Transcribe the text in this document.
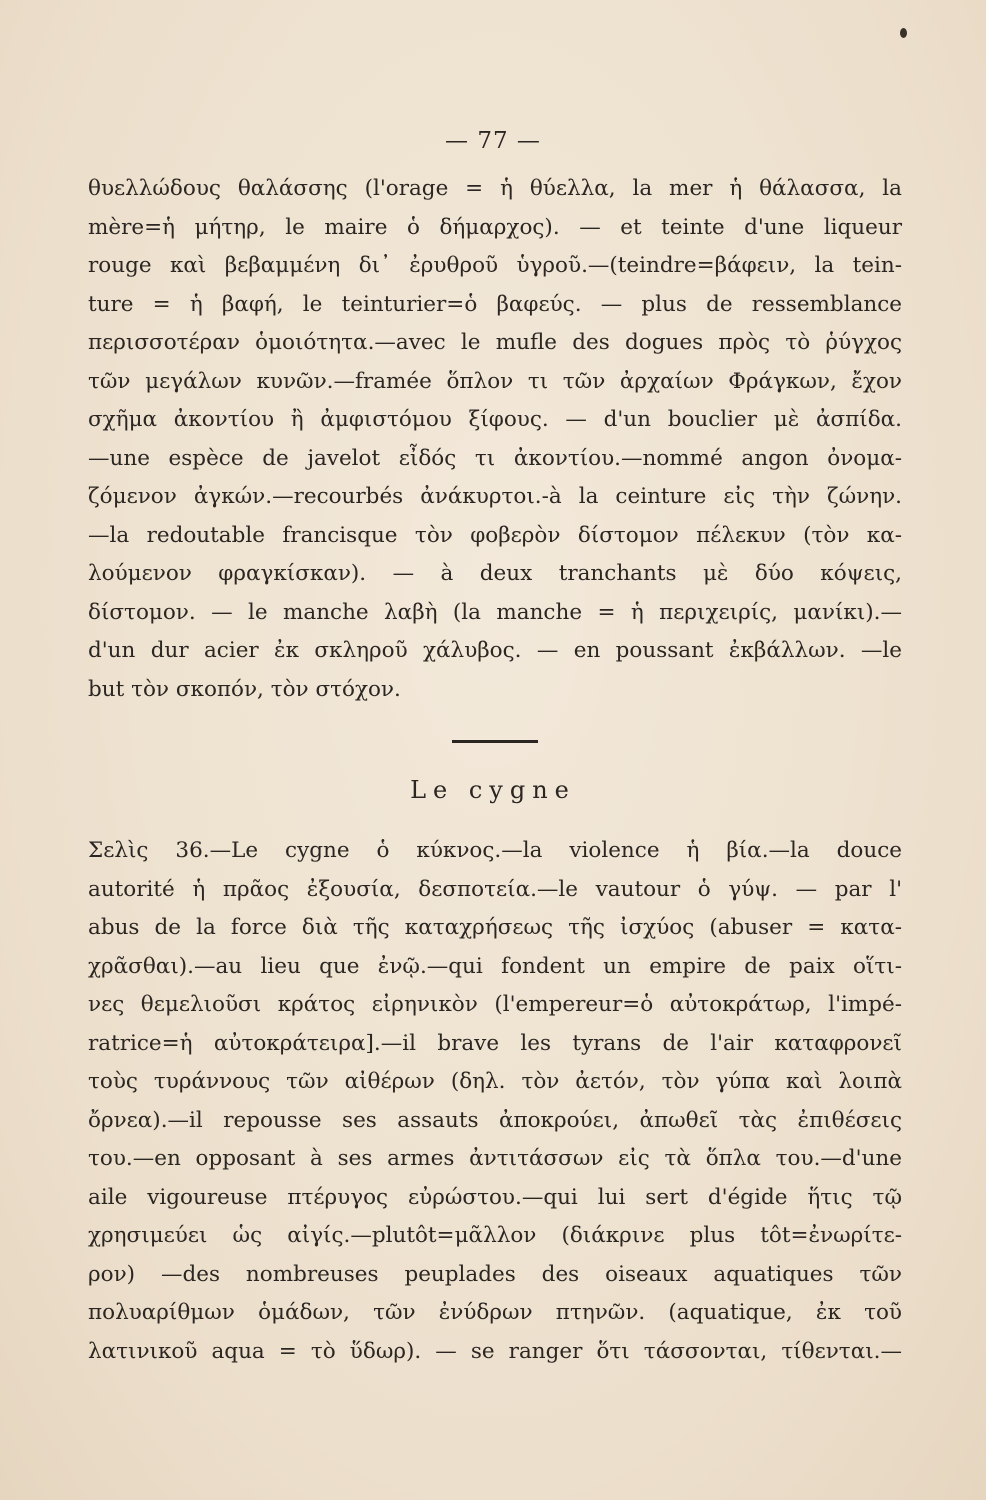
— 77 —
θυελλώδους θαλάσσης (l'orage = ἡ θύελλα, la mer ἡ θάλασσα, la
mère=ἡ μήτηρ, le maire ὁ δήμαρχος). — et teinte d'une liqueur
rouge καὶ βεβαμμένη δι᾽ ἐρυθροῦ ὑγροῦ.—(teindre=βάφειν, la tein-
ture = ἡ βαφή, le teinturier=ὁ βαφεύς. — plus de ressemblance
περισσοτέραν ὁμοιότητα.—avec le mufle des dogues πρὸς τὸ ῥύγχος
τῶν μεγάλων κυνῶν.—framée ὅπλον τι τῶν ἀρχαίων Φράγκων, ἔχον
σχῆμα ἀκοντίου ἢ ἀμφιστόμου ξίφους. — d'un bouclier μὲ ἀσπίδα.
—une espèce de javelot εἶδός τι ἀκοντίου.—nommé angon ὀνομα-
ζόμενον ἀγκών.—recourbés ἀνάκυρτοι.-à la ceinture εἰς τὴν ζώνην.
—la redoutable francisque τὸν φοβερὸν δίστομον πέλεκυν (τὸν κα-
λούμενον φραγκίσκαν). — à deux tranchants μὲ δύο κόψεις,
δίστομον. — le manche λαβὴ (la manche = ἡ περιχειρίς, μανίκι).—
d'un dur acier ἐκ σκληροῦ χάλυβος. — en poussant ἐκβάλλων. —le
but τὸν σκοπόν, τὸν στόχον.
Le cygne
Σελὶς 36.—Le cygne ὁ κύκνος.—la violence ἡ βία.—la douce
autorité ἡ πρᾶος ἐξουσία, δεσποτεία.—le vautour ὁ γύψ. — par l'
abus de la force διὰ τῆς καταχρήσεως τῆς ἰσχύος (abuser = κατα-
χρᾶσθαι).—au lieu que ἐνῷ.—qui fondent un empire de paix οἵτι-
νες θεμελιοῦσι κράτος εἰρηνικὸν (l'empereur=ὁ αὐτοκράτωρ, l'impé-
ratrice=ἡ αὐτοκράτειρα].—il brave les tyrans de l'air καταφρονεῖ
τοὺς τυράννους τῶν αἰθέρων (δηλ. τὸν ἀετόν, τὸν γύπα καὶ λοιπὰ
ὄρνεα).—il repousse ses assauts ἀποκρούει, ἀπωθεῖ τὰς ἐπιθέσεις
του.—en opposant à ses armes ἀντιτάσσων εἰς τὰ ὅπλα του.—d'une
aile vigoureuse πτέρυγος εὐρώστου.—qui lui sert d'égide ἥτις τῷ
χρησιμεύει ὡς αἰγίς.—plutôt=μᾶλλον (διάκρινε plus tôt=ἐνωρίτε-
ρον) —des nombreuses peuplades des oiseaux aquatiques τῶν
πολυαρίθμων ὁμάδων, τῶν ἐνύδρων πτηνῶν. (aquatique, ἐκ τοῦ
λατινικοῦ aqua = τὸ ὕδωρ). — se ranger ὅτι τάσσονται, τίθενται.—
